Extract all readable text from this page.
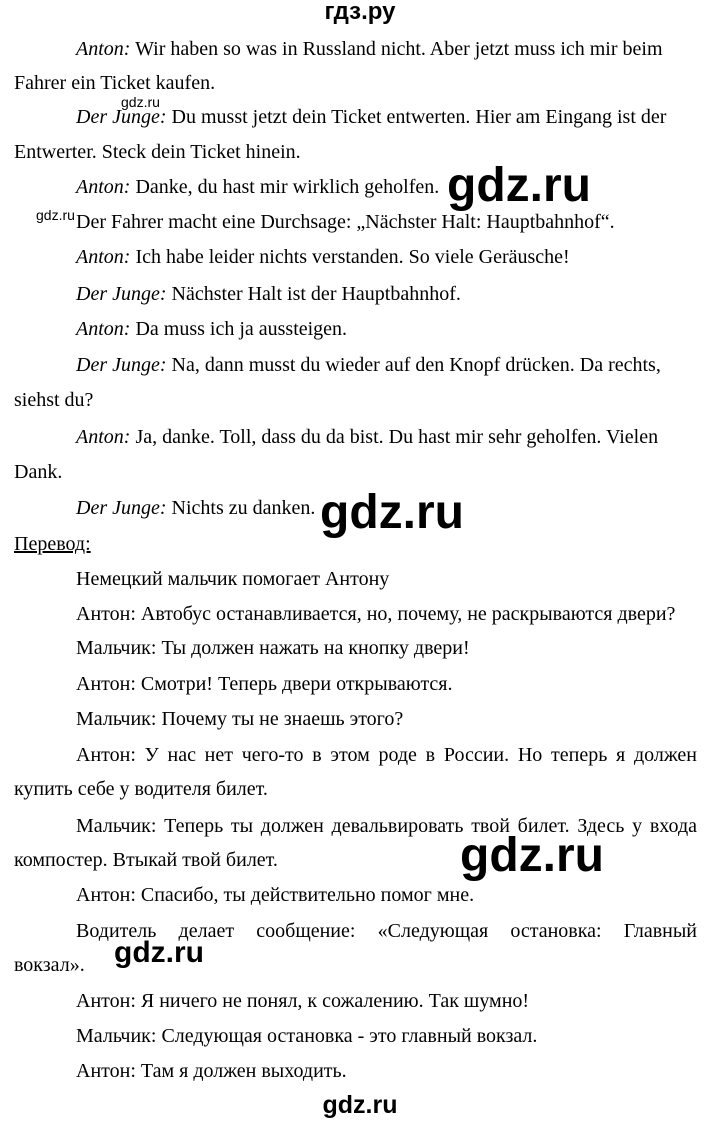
гдз.ру
Anton: Wir haben so was in Russland nicht. Aber jetzt muss ich mir beim
Fahrer ein Ticket kaufen.
Der Junge: Du musst jetzt dein Ticket entwerten. Hier am Eingang ist der
Entwerter. Steck dein Ticket hinein.
Anton: Danke, du hast mir wirklich geholfen.
Der Fahrer macht eine Durchsage: „Nächster Halt: Hauptbahnhof“.
Anton: Ich habe leider nichts verstanden. So viele Geräusche!
Der Junge: Nächster Halt ist der Hauptbahnhof.
Anton: Da muss ich ja aussteigen.
Der Junge: Na, dann musst du wieder auf den Knopf drücken. Da rechts,
siehst du?
Anton: Ja, danke. Toll, dass du da bist. Du hast mir sehr geholfen. Vielen
Dank.
Der Junge: Nichts zu danken.
Перевод:
Немецкий мальчик помогает Антону
Антон: Автобус останавливается, но, почему, не раскрываются двери?
Мальчик: Ты должен нажать на кнопку двери!
Антон: Смотри! Теперь двери открываются.
Мальчик: Почему ты не знаешь этого?
Антон: У нас нет чего-то в этом роде в России. Но теперь я должен
купить себе у водителя билет.
Мальчик: Теперь ты должен девальвировать твой билет. Здесь у входа
компостер. Втыкай твой билет.
Антон: Спасибо, ты действительно помог мне.
Водитель делает сообщение: «Следующая остановка: Главный
вокзал».
Антон: Я ничего не понял, к сожалению. Так шумно!
Мальчик: Следующая остановка - это главный вокзал.
Антон: Там я должен выходить.
gdz.ru
gdz.ru
gdz.ru
gdz.ru
gdz.ru
gdz.ru
gdz.ru
